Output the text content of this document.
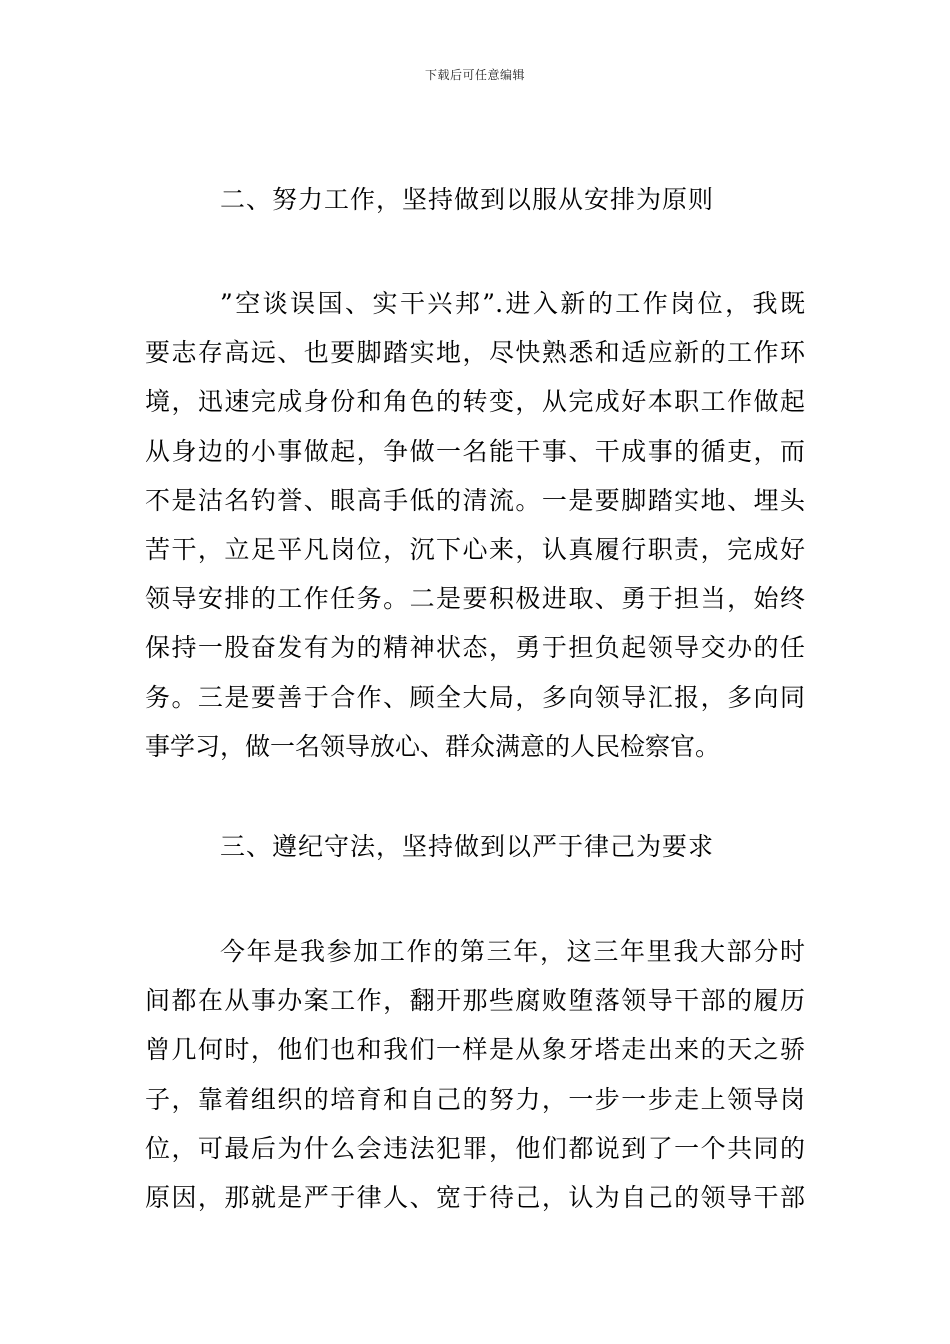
下载后可任意编辑
二、努力工作，坚持做到以服从安排为原则
”空谈误国、实干兴邦”.进入新的工作岗位，我既
要志存高远、也要脚踏实地，尽快熟悉和适应新的工作环
境，迅速完成身份和角色的转变，从完成好本职工作做起
从身边的小事做起，争做一名能干事、干成事的循吏，而
不是沽名钓誉、眼高手低的清流。一是要脚踏实地、埋头
苦干，立足平凡岗位，沉下心来，认真履行职责，完成好
领导安排的工作任务。二是要积极进取、勇于担当，始终
保持一股奋发有为的精神状态，勇于担负起领导交办的任
务。三是要善于合作、顾全大局，多向领导汇报，多向同
事学习，做一名领导放心、群众满意的人民检察官。
三、遵纪守法，坚持做到以严于律己为要求
今年是我参加工作的第三年，这三年里我大部分时
间都在从事办案工作，翻开那些腐败堕落领导干部的履历
曾几何时，他们也和我们一样是从象牙塔走出来的天之骄
子，靠着组织的培育和自己的努力，一步一步走上领导岗
位，可最后为什么会违法犯罪，他们都说到了一个共同的
原因，那就是严于律人、宽于待己，认为自己的领导干部
